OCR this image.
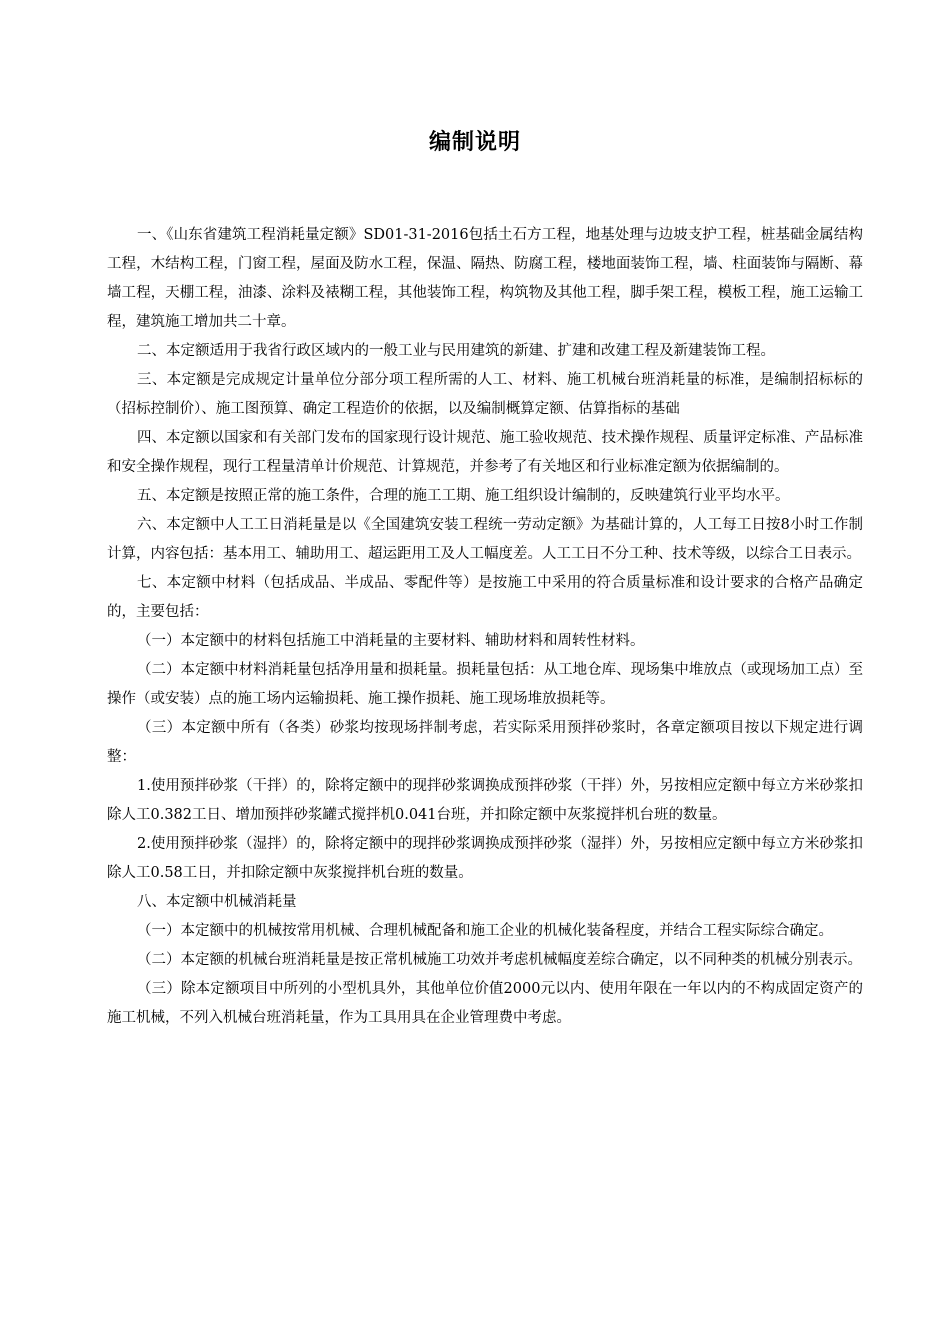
编制说明

一、《山东省建筑工程消耗量定额》SD01-31-2016包括土石方工程，地基处理与边坡支护工程，桩基础金属结构工程，木结构工程，门窗工程，屋面及防水工程，保温、隔热、防腐工程，楼地面装饰工程，墙、柱面装饰与隔断、幕墙工程，天棚工程，油漆、涂料及裱糊工程，其他装饰工程，构筑物及其他工程，脚手架工程，模板工程，施工运输工程，建筑施工增加共二十章。

二、本定额适用于我省行政区域内的一般工业与民用建筑的新建、扩建和改建工程及新建装饰工程。

三、本定额是完成规定计量单位分部分项工程所需的人工、材料、施工机械台班消耗量的标准，是编制招标标的（招标控制价）、施工图预算、确定工程造价的依据，以及编制概算定额、估算指标的基础

四、本定额以国家和有关部门发布的国家现行设计规范、施工验收规范、技术操作规程、质量评定标准、产品标准和安全操作规程，现行工程量清单计价规范、计算规范，并参考了有关地区和行业标准定额为依据编制的。

五、本定额是按照正常的施工条件，合理的施工工期、施工组织设计编制的，反映建筑行业平均水平。

六、本定额中人工工日消耗量是以《全国建筑安装工程统一劳动定额》为基础计算的，人工每工日按8小时工作制计算，内容包括：基本用工、辅助用工、超运距用工及人工幅度差。人工工日不分工种、技术等级，以综合工日表示。

七、本定额中材料（包括成品、半成品、零配件等）是按施工中采用的符合质量标准和设计要求的合格产品确定的，主要包括：

（一）本定额中的材料包括施工中消耗量的主要材料、辅助材料和周转性材料。

（二）本定额中材料消耗量包括净用量和损耗量。损耗量包括：从工地仓库、现场集中堆放点（或现场加工点）至操作（或安装）点的施工场内运输损耗、施工操作损耗、施工现场堆放损耗等。

（三）本定额中所有（各类）砂浆均按现场拌制考虑，若实际采用预拌砂浆时，各章定额项目按以下规定进行调整：

1.使用预拌砂浆（干拌）的，除将定额中的现拌砂浆调换成预拌砂浆（干拌）外，另按相应定额中每立方米砂浆扣除人工0.382工日、增加预拌砂浆罐式搅拌机0.041台班，并扣除定额中灰浆搅拌机台班的数量。

2.使用预拌砂浆（湿拌）的，除将定额中的现拌砂浆调换成预拌砂浆（湿拌）外，另按相应定额中每立方米砂浆扣除人工0.58工日，并扣除定额中灰浆搅拌机台班的数量。

八、本定额中机械消耗量

（一）本定额中的机械按常用机械、合理机械配备和施工企业的机械化装备程度，并结合工程实际综合确定。

（二）本定额的机械台班消耗量是按正常机械施工功效并考虑机械幅度差综合确定，以不同种类的机械分别表示。

（三）除本定额项目中所列的小型机具外，其他单位价值2000元以内、使用年限在一年以内的不构成固定资产的施工机械，不列入机械台班消耗量，作为工具用具在企业管理费中考虑。
